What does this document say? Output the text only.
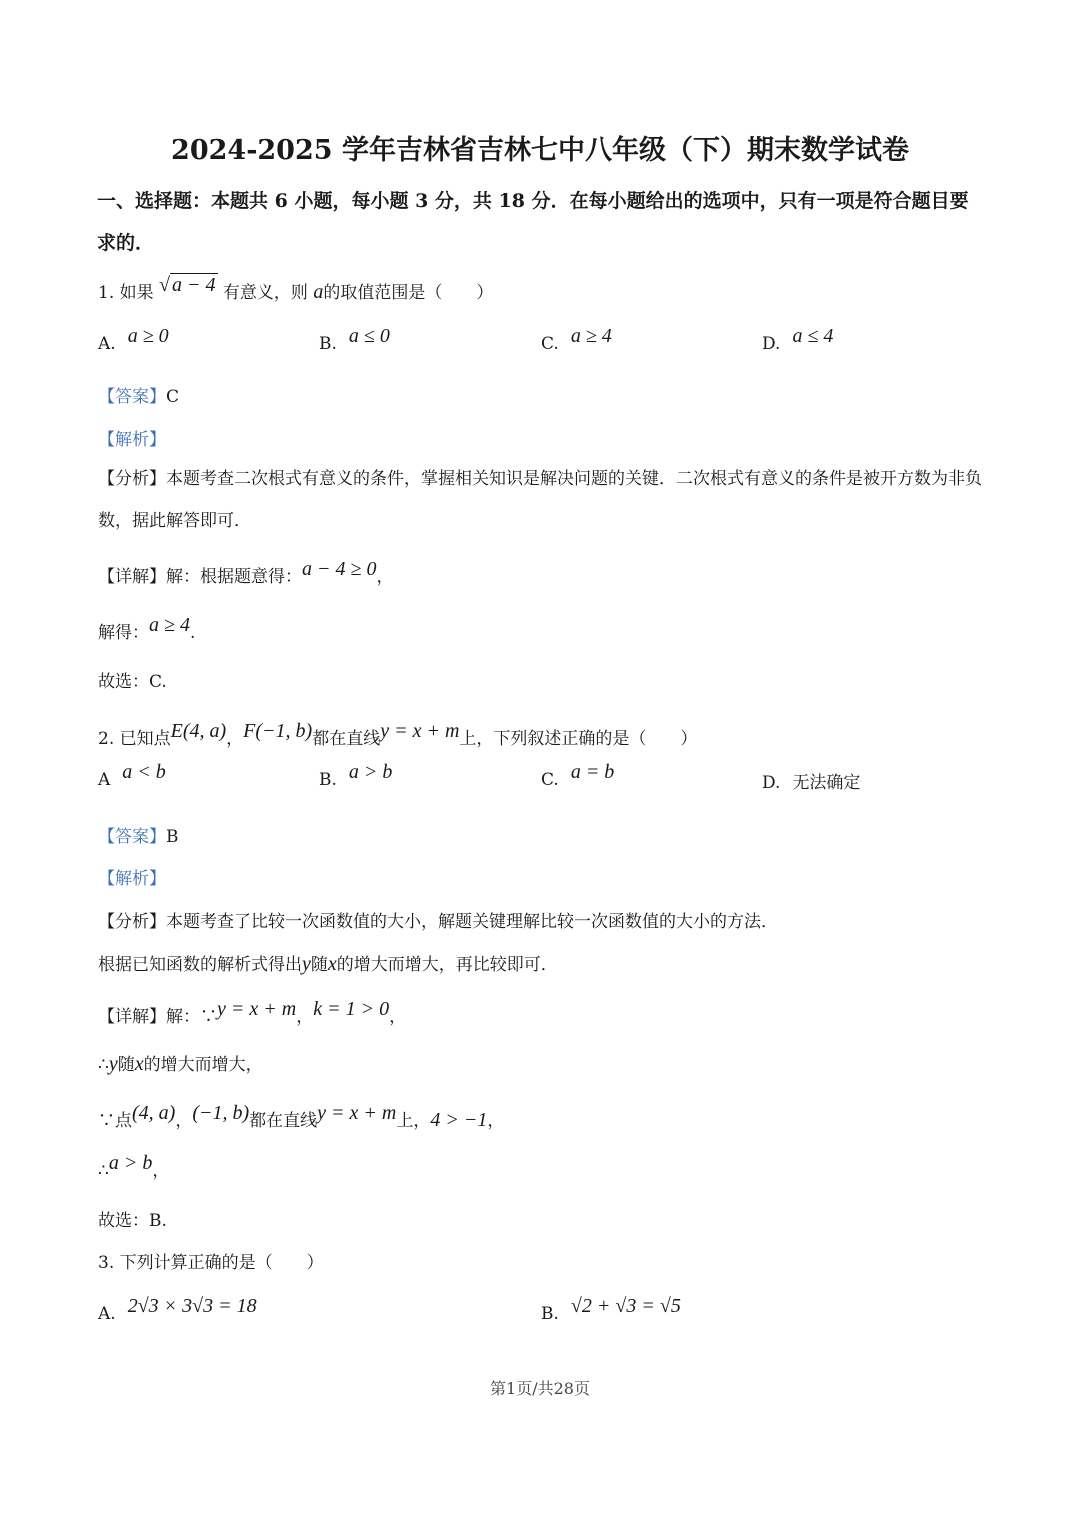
2024-2025 学年吉林省吉林七中八年级（下）期末数学试卷

一、选择题：本题共 6 小题，每小题 3 分，共 18 分．在每小题给出的选项中，只有一项是符合题目要求的．

1. 如果 √ a − 4 有意义，则 a的取值范围是（　　）
A. a ≥ 0	B. a ≤ 0	C. a ≥ 4	D. a ≤ 4
【答案】C
【解析】
【分析】本题考查二次根式有意义的条件，掌握相关知识是解决问题的关键．二次根式有意义的条件是被开方数为非负数，据此解答即可．
【详解】解：根据题意得：a − 4 ≥ 0，
解得：a ≥ 4.
故选：C.
2. 已知点E(4, a)，F(−1, b)都在直线y = x + m上，下列叙述正确的是（　　）
A a < b	B. a > b	C. a = b	D. 无法确定
【答案】B
【解析】
【分析】本题考查了比较一次函数值的大小，解题关键理解比较一次函数值的大小的方法．
根据已知函数的解析式得出y随x的增大而增大，再比较即可．
【详解】解：∵y = x + m，k = 1 > 0，
∴y随x的增大而增大，
∵点(4, a)，(−1, b)都在直线y = x + m上，4 > −1，
∴a > b，
故选：B.
3. 下列计算正确的是（　　）
A. 2√3 × 3√3 = 18	B. √2 + √3 = √5
第1页/共28页
